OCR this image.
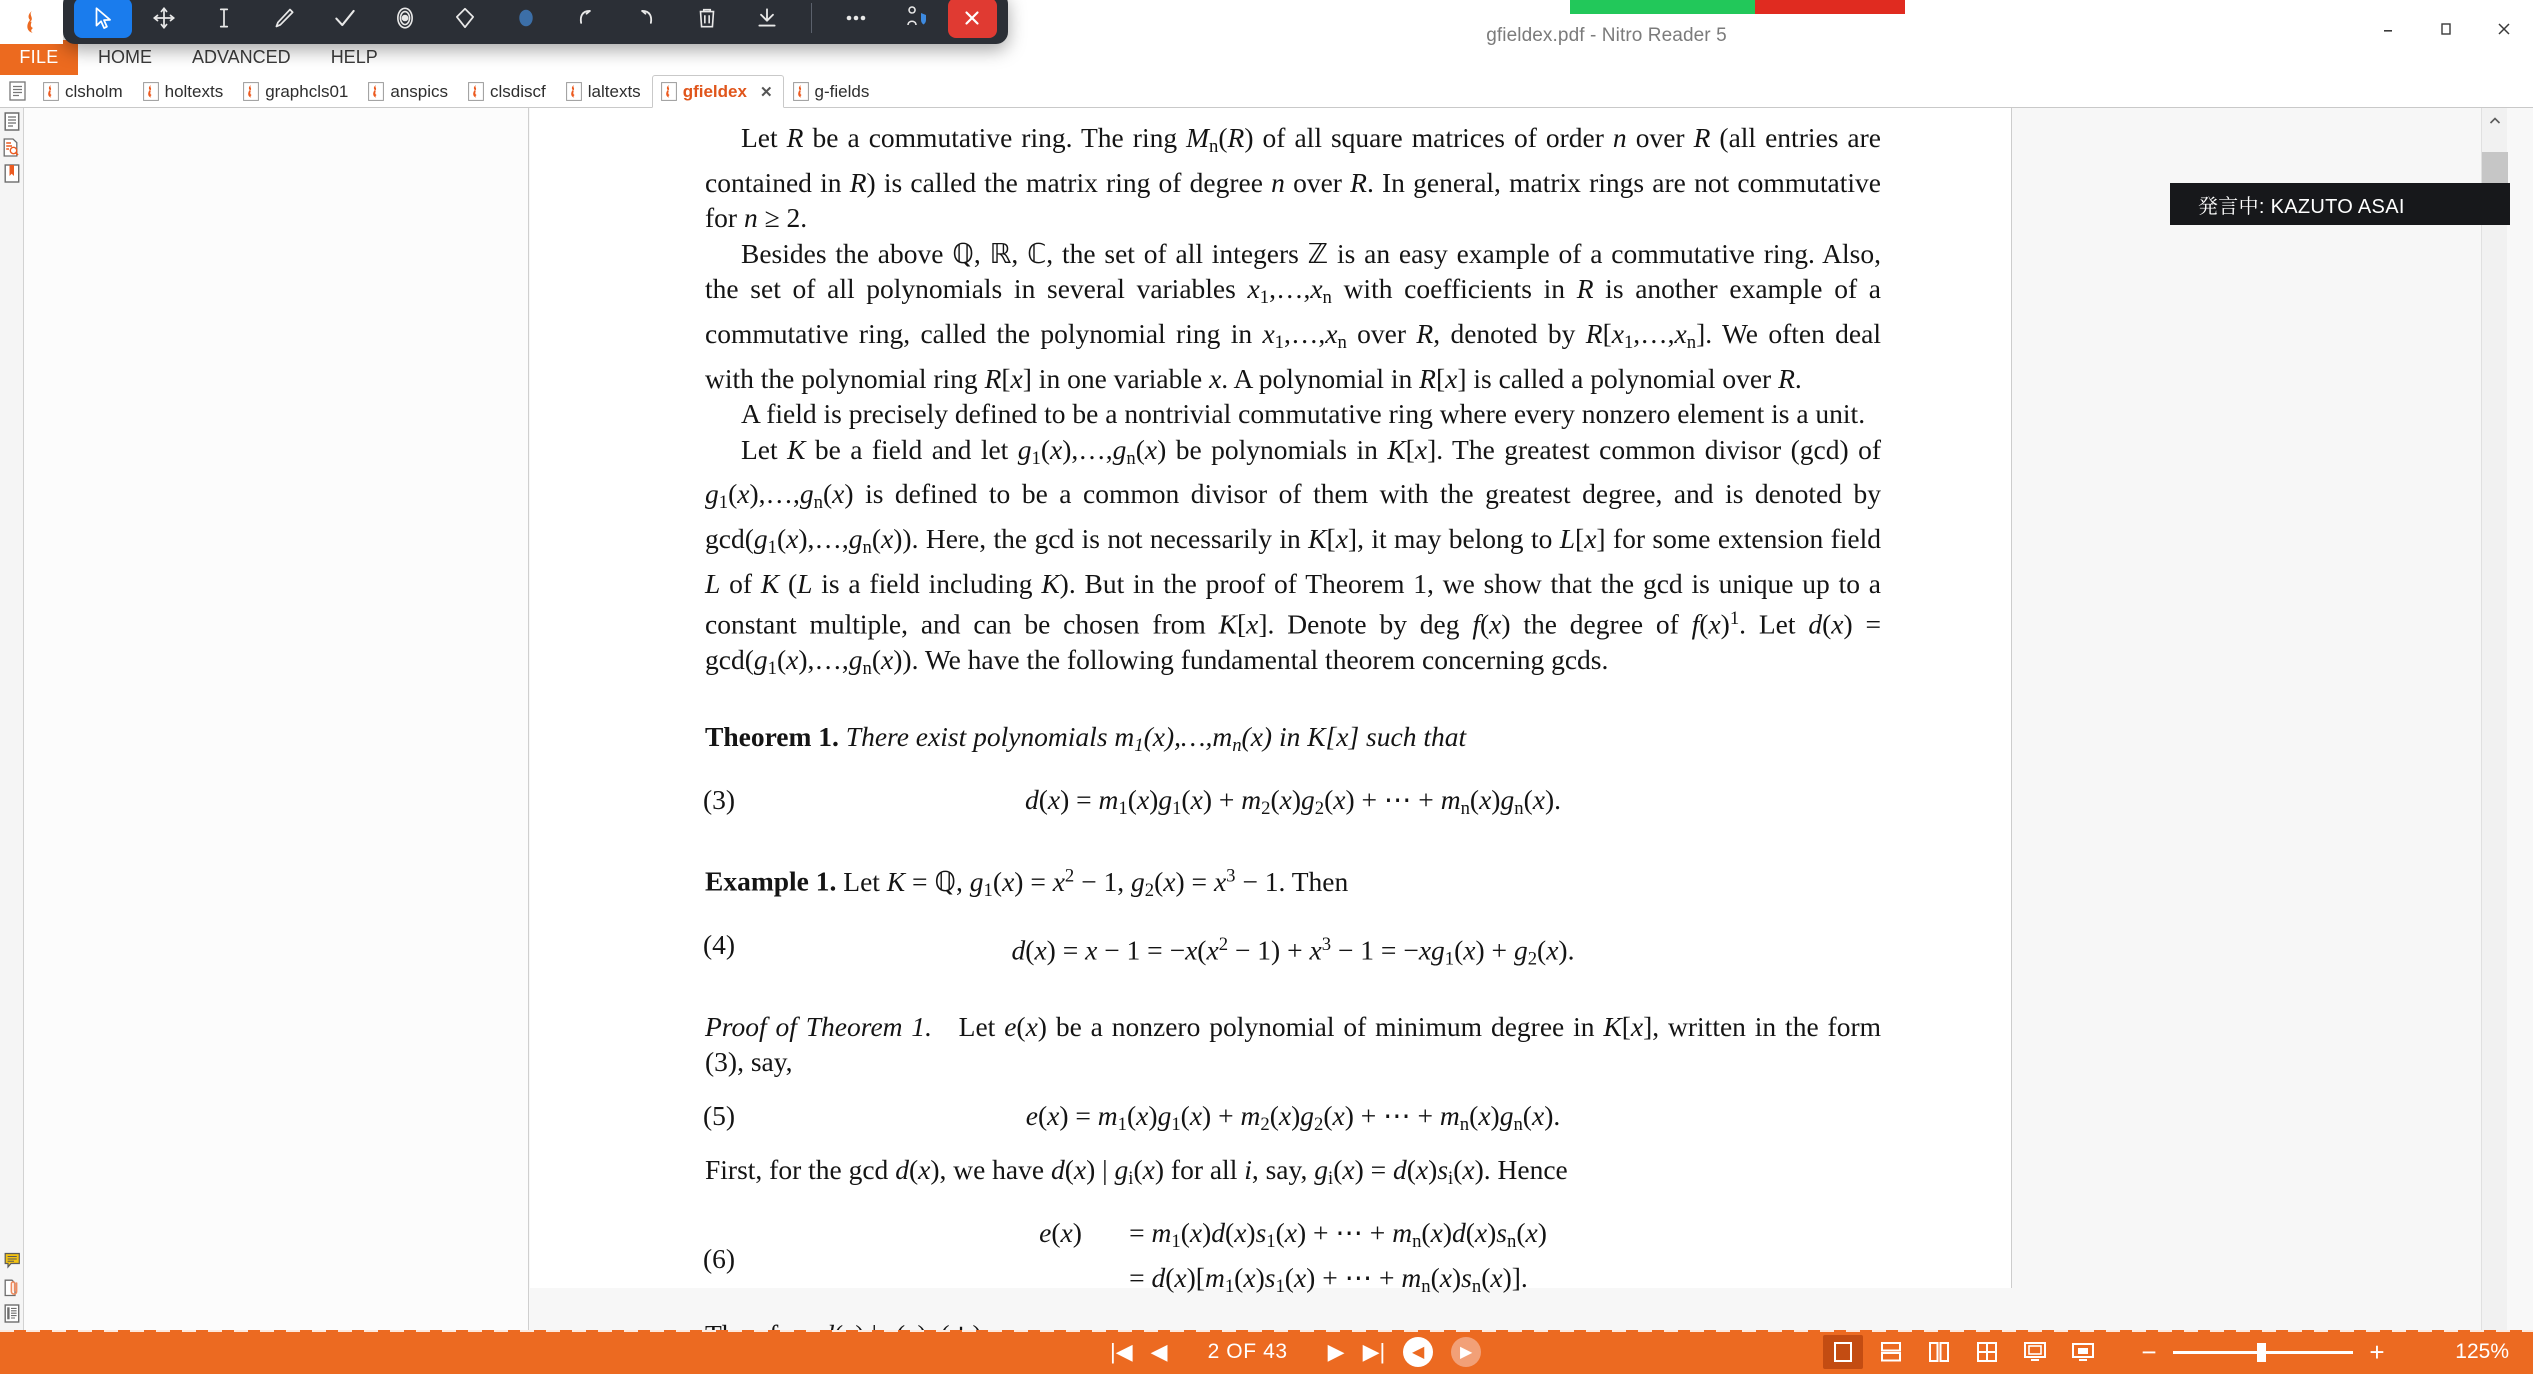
gfieldex.pdf - Nitro Reader 5
FILE	HOME	ADVANCED	HELP
clsholm holtexts graphcls01 anspics clsdiscf laltexts gfieldex ✕ g-fields

Let R be a commutative ring. The ring $M_n(R)$ of all square matrices of order n over R (all entries are contained in R) is called the matrix ring of degree n over R. In general, matrix rings are not commutative for n ≥ 2.

Besides the above ℚ, ℝ, ℂ, the set of all integers ℤ is an easy example of a commutative ring. Also, the set of all polynomials in several variables $x_1,\dots,x_n$ with coefficients in R is another example of a commutative ring, called the polynomial ring in $x_1,\dots,x_n$ over R, denoted by $R[x_1,\dots,x_n]$. We often deal with the polynomial ring R[x] in one variable x. A polynomial in R[x] is called a polynomial over R.

A field is precisely defined to be a nontrivial commutative ring where every nonzero element is a unit.

Let K be a field and let $g_1(x),\dots,g_n(x)$ be polynomials in K[x]. The greatest common divisor (gcd) of $g_1(x),\dots,g_n(x)$ is defined to be a common divisor of them with the greatest degree, and is denoted by $\gcd(g_1(x),\dots,g_n(x))$. Here, the gcd is not necessarily in K[x], it may belong to L[x] for some extension field L of K (L is a field including K). But in the proof of Theorem 1, we show that the gcd is unique up to a constant multiple, and can be chosen from K[x]. Denote by deg f(x) the degree of $f(x)^1$. Let $d(x) = \gcd(g_1(x),\dots,g_n(x))$. We have the following fundamental theorem concerning gcds.

Theorem 1. There exist polynomials $m_1(x),\dots,m_n(x)$ in K[x] such that
(3)	$d(x) = m_1(x)g_1(x) + m_2(x)g_2(x)$ + ⋯ + $m_n(x)g_n(x)$.
Example 1. Let K = ℚ, $g_1(x) = x^2 - 1$, $g_2(x) = x^3 - 1$. Then
(4)	$d(x) = x - 1 = -x(x^2 - 1) + x^3 - 1 = -xg_1(x) + g_2(x)$.
Proof of Theorem 1. Let e(x) be a nonzero polynomial of minimum degree in K[x], written in the form (3), say,
(5)	$e(x) = m_1(x)g_1(x) + m_2(x)g_2(x)$ + ⋯ + $m_n(x)g_n(x)$.

First, for the gcd d(x), we have d(x) | $g_i(x)$ for all i, say, $g_i(x) = d(x)s_i(x)$. Hence

(6)
e(x)	= $m_1(x)d(x)s_1(x)$ + ⋯ + $m_n(x)d(x)s_n(x)$
= $d(x)[m_1(x)s_1(x)$ + ⋯ + $m_n(x)s_n(x)$].

発言中: KAZUTO ASAI
|◀ ◀ 2 OF 43 ▶ ▶|	◀	▶	−	+	125%
